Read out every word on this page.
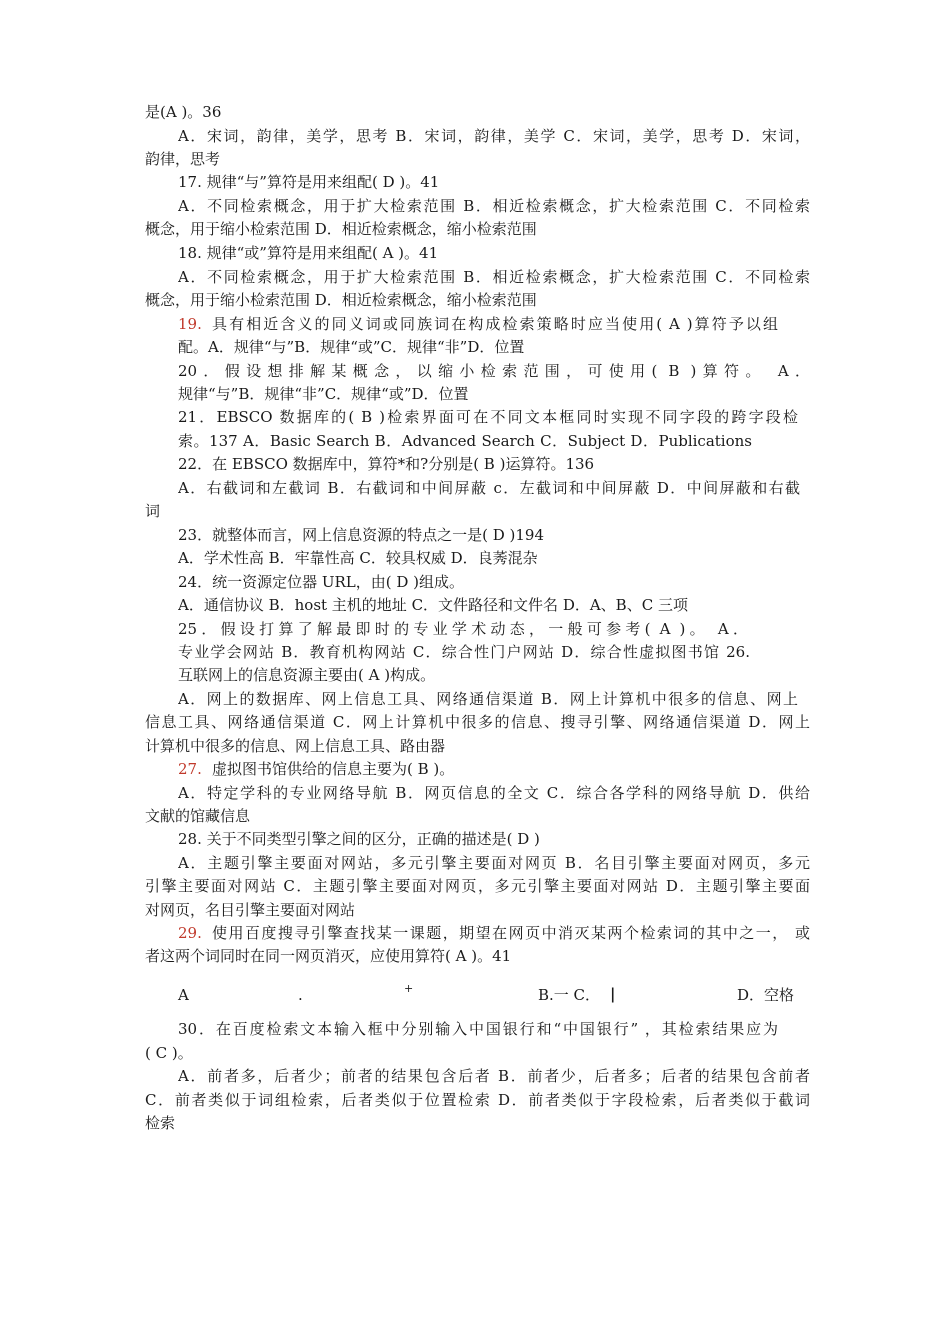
是(A )。36
A．宋词，韵律，美学，思考 B．宋词，韵律，美学 C．宋词，美学，思考 D．宋词，
韵律，思考
17. 规律“与”算符是用来组配( D )。41
A．不同检索概念，用于扩大检索范围 B．相近检索概念，扩大检索范围 C．不同检索
概念，用于缩小检索范围 D．相近检索概念，缩小检索范围
18. 规律“或”算符是用来组配( A )。41
A．不同检索概念，用于扩大检索范围 B．相近检索概念，扩大检索范围 C．不同检索
概念，用于缩小检索范围 D．相近检索概念，缩小检索范围
19. 具有相近含义的同义词或同族词在构成检索策略时应当使用( A )算符予以组
配。A．规律“与”B．规律“或”C．规律“非”D．位置
20．假设想排解某概念，以缩小检索范围，可使用( B )算符。 A．
规律“与”B．规律“非”C．规律“或”D．位置
21．EBSCO 数据库的( B )检索界面可在不同文本框同时实现不同字段的跨字段检
索。137 A．Basic Search B．Advanced Search C．Subject D．Publications
22．在 EBSCO 数据库中，算符*和?分别是( B )运算符。136
A．右截词和左截词 B．右截词和中间屏蔽 c．左截词和中间屏蔽 D．中间屏蔽和右截
词
23．就整体而言，网上信息资源的特点之一是( D )194
A．学术性高 B．牢靠性高 C．较具权威 D．良莠混杂
24．统一资源定位器 URL，由( D )组成。
A．通信协议 B．host 主机的地址 C．文件路径和文件名 D．A、B、C 三项
25．假设打算了解最即时的专业学术动态，一般可参考( A )。 A．
专业学会网站 B．教育机构网站 C．综合性门户网站 D．综合性虚拟图书馆 26.
互联网上的信息资源主要由( A )构成。
A．网上的数据库、网上信息工具、网络通信渠道 B．网上计算机中很多的信息、网上
信息工具、网络通信渠道 C．网上计算机中很多的信息、搜寻引擎、网络通信渠道 D．网上
计算机中很多的信息、网上信息工具、路由器
27. 虚拟图书馆供给的信息主要为( B )。
A．特定学科的专业网络导航 B．网页信息的全文 C．综合各学科的网络导航 D．供给
文献的馆藏信息
28. 关于不同类型引擎之间的区分，正确的描述是( D )
A．主题引擎主要面对网站，多元引擎主要面对网页 B．名目引擎主要面对网页，多元
引擎主要面对网站 C．主题引擎主要面对网页，多元引擎主要面对网站 D．主题引擎主要面
对网页，名目引擎主要面对网站
29. 使用百度搜寻引擎查找某一课题，期望在网页中消灭某两个检索词的其中之一， 或
者这两个词同时在同一网页消灭，应使用算符( A )。41
A	.	+	B.一 C． |	D．空格
30．在百度检索文本输入框中分别输入中国银行和“中国银行” ，其检索结果应为
( C )。
A．前者多，后者少；前者的结果包含后者 B．前者少，后者多；后者的结果包含前者
C．前者类似于词组检索，后者类似于位置检索 D．前者类似于字段检索，后者类似于截词
检索
